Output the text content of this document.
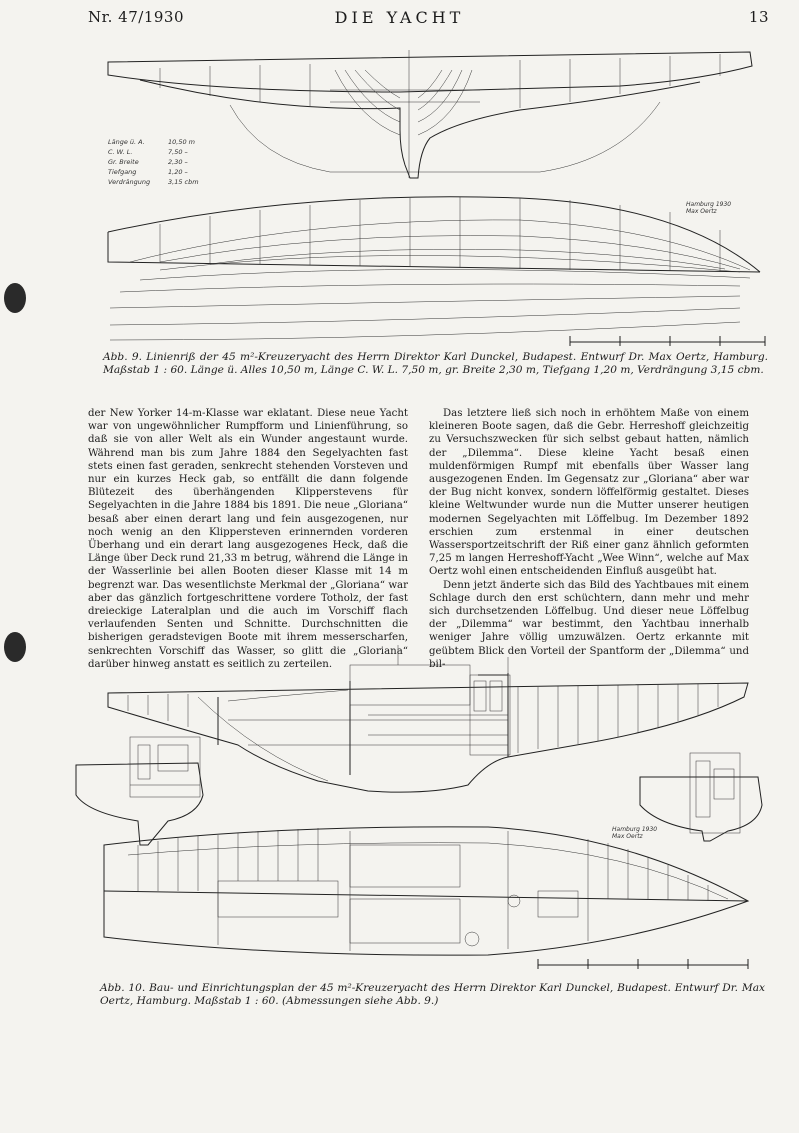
Nr. 47/1930	DIE YACHT	13
Länge ü. A.	10,50 m
C. W. L.	7,50 –
Gr. Breite	2,30 –
Tiefgang	1,20 –
Verdrängung	3,15 cbm
Hamburg 1930
Max Oertz
Abb. 9. Linienriß der 45 m²-Kreuzeryacht des Herrn Direktor Karl Dunckel, Budapest. Entwurf Dr. Max Oertz, Hamburg. Maßstab 1 : 60. Länge ü. Alles 10,50 m, Länge C. W. L. 7,50 m, gr. Breite 2,30 m, Tiefgang 1,20 m, Verdrängung 3,15 cbm.

der New Yorker 14-m-Klasse war eklatant. Diese neue Yacht war von ungewöhnlicher Rumpfform und Linienführung, so daß sie von aller Welt als ein Wunder angestaunt wurde. Während man bis zum Jahre 1884 den Segelyachten fast stets einen fast geraden, senkrecht stehenden Vorsteven und nur ein kurzes Heck gab, so entfällt die dann folgende Blütezeit des überhängenden Klipperstevens für Segelyachten in die Jahre 1884 bis 1891. Die neue „Gloriana“ besaß aber einen derart lang und fein ausgezogenen, nur noch wenig an den Klippersteven erinnernden vorderen Überhang und ein derart lang ausgezogenes Heck, daß die Länge über Deck rund 21,33 m betrug, während die Länge in der Wasserlinie bei allen Booten dieser Klasse mit 14 m begrenzt war. Das wesentlichste Merkmal der „Gloriana“ war aber das gänzlich fortgeschrittene vordere Totholz, der fast dreieckige Lateralplan und die auch im Vorschiff flach verlaufenden Senten und Schnitte. Durchschnitten die bisherigen geradstevigen Boote mit ihrem messerscharfen, senkrechten Vorschiff das Wasser, so glitt die „Gloriana“ darüber hinweg anstatt es seitlich zu zerteilen.

Das letztere ließ sich noch in erhöhtem Maße von einem kleineren Boote sagen, daß die Gebr. Herreshoff gleichzeitig zu Versuchszwecken für sich selbst gebaut hatten, nämlich der „Dilemma“. Diese kleine Yacht besaß einen muldenförmigen Rumpf mit ebenfalls über Wasser lang ausgezogenen Enden. Im Gegensatz zur „Gloriana“ aber war der Bug nicht konvex, sondern löffelförmig gestaltet. Dieses kleine Weltwunder wurde nun die Mutter unserer heutigen modernen Segelyachten mit Löffelbug. Im Dezember 1892 erschien zum erstenmal in einer deutschen Wassersportzeitschrift der Riß einer ganz ähnlich geformten 7,25 m langen Herreshoff-Yacht „Wee Winn“, welche auf Max Oertz wohl einen entscheidenden Einfluß ausgeübt hat.

Denn jetzt änderte sich das Bild des Yachtbaues mit einem Schlage durch den erst schüchtern, dann mehr und mehr sich durchsetzenden Löffelbug. Und dieser neue Löffelbug der „Dilemma“ war bestimmt, den Yachtbau innerhalb weniger Jahre völlig umzuwälzen. Oertz erkannte mit geübtem Blick den Vorteil der Spantform der „Dilemma“ und bil-

Hamburg 1930
Max Oertz
Abb. 10. Bau- und Einrichtungsplan der 45 m²-Kreuzeryacht des Herrn Direktor Karl Dunckel, Budapest. Entwurf Dr. Max Oertz, Hamburg. Maßstab 1 : 60. (Abmessungen siehe Abb. 9.)
